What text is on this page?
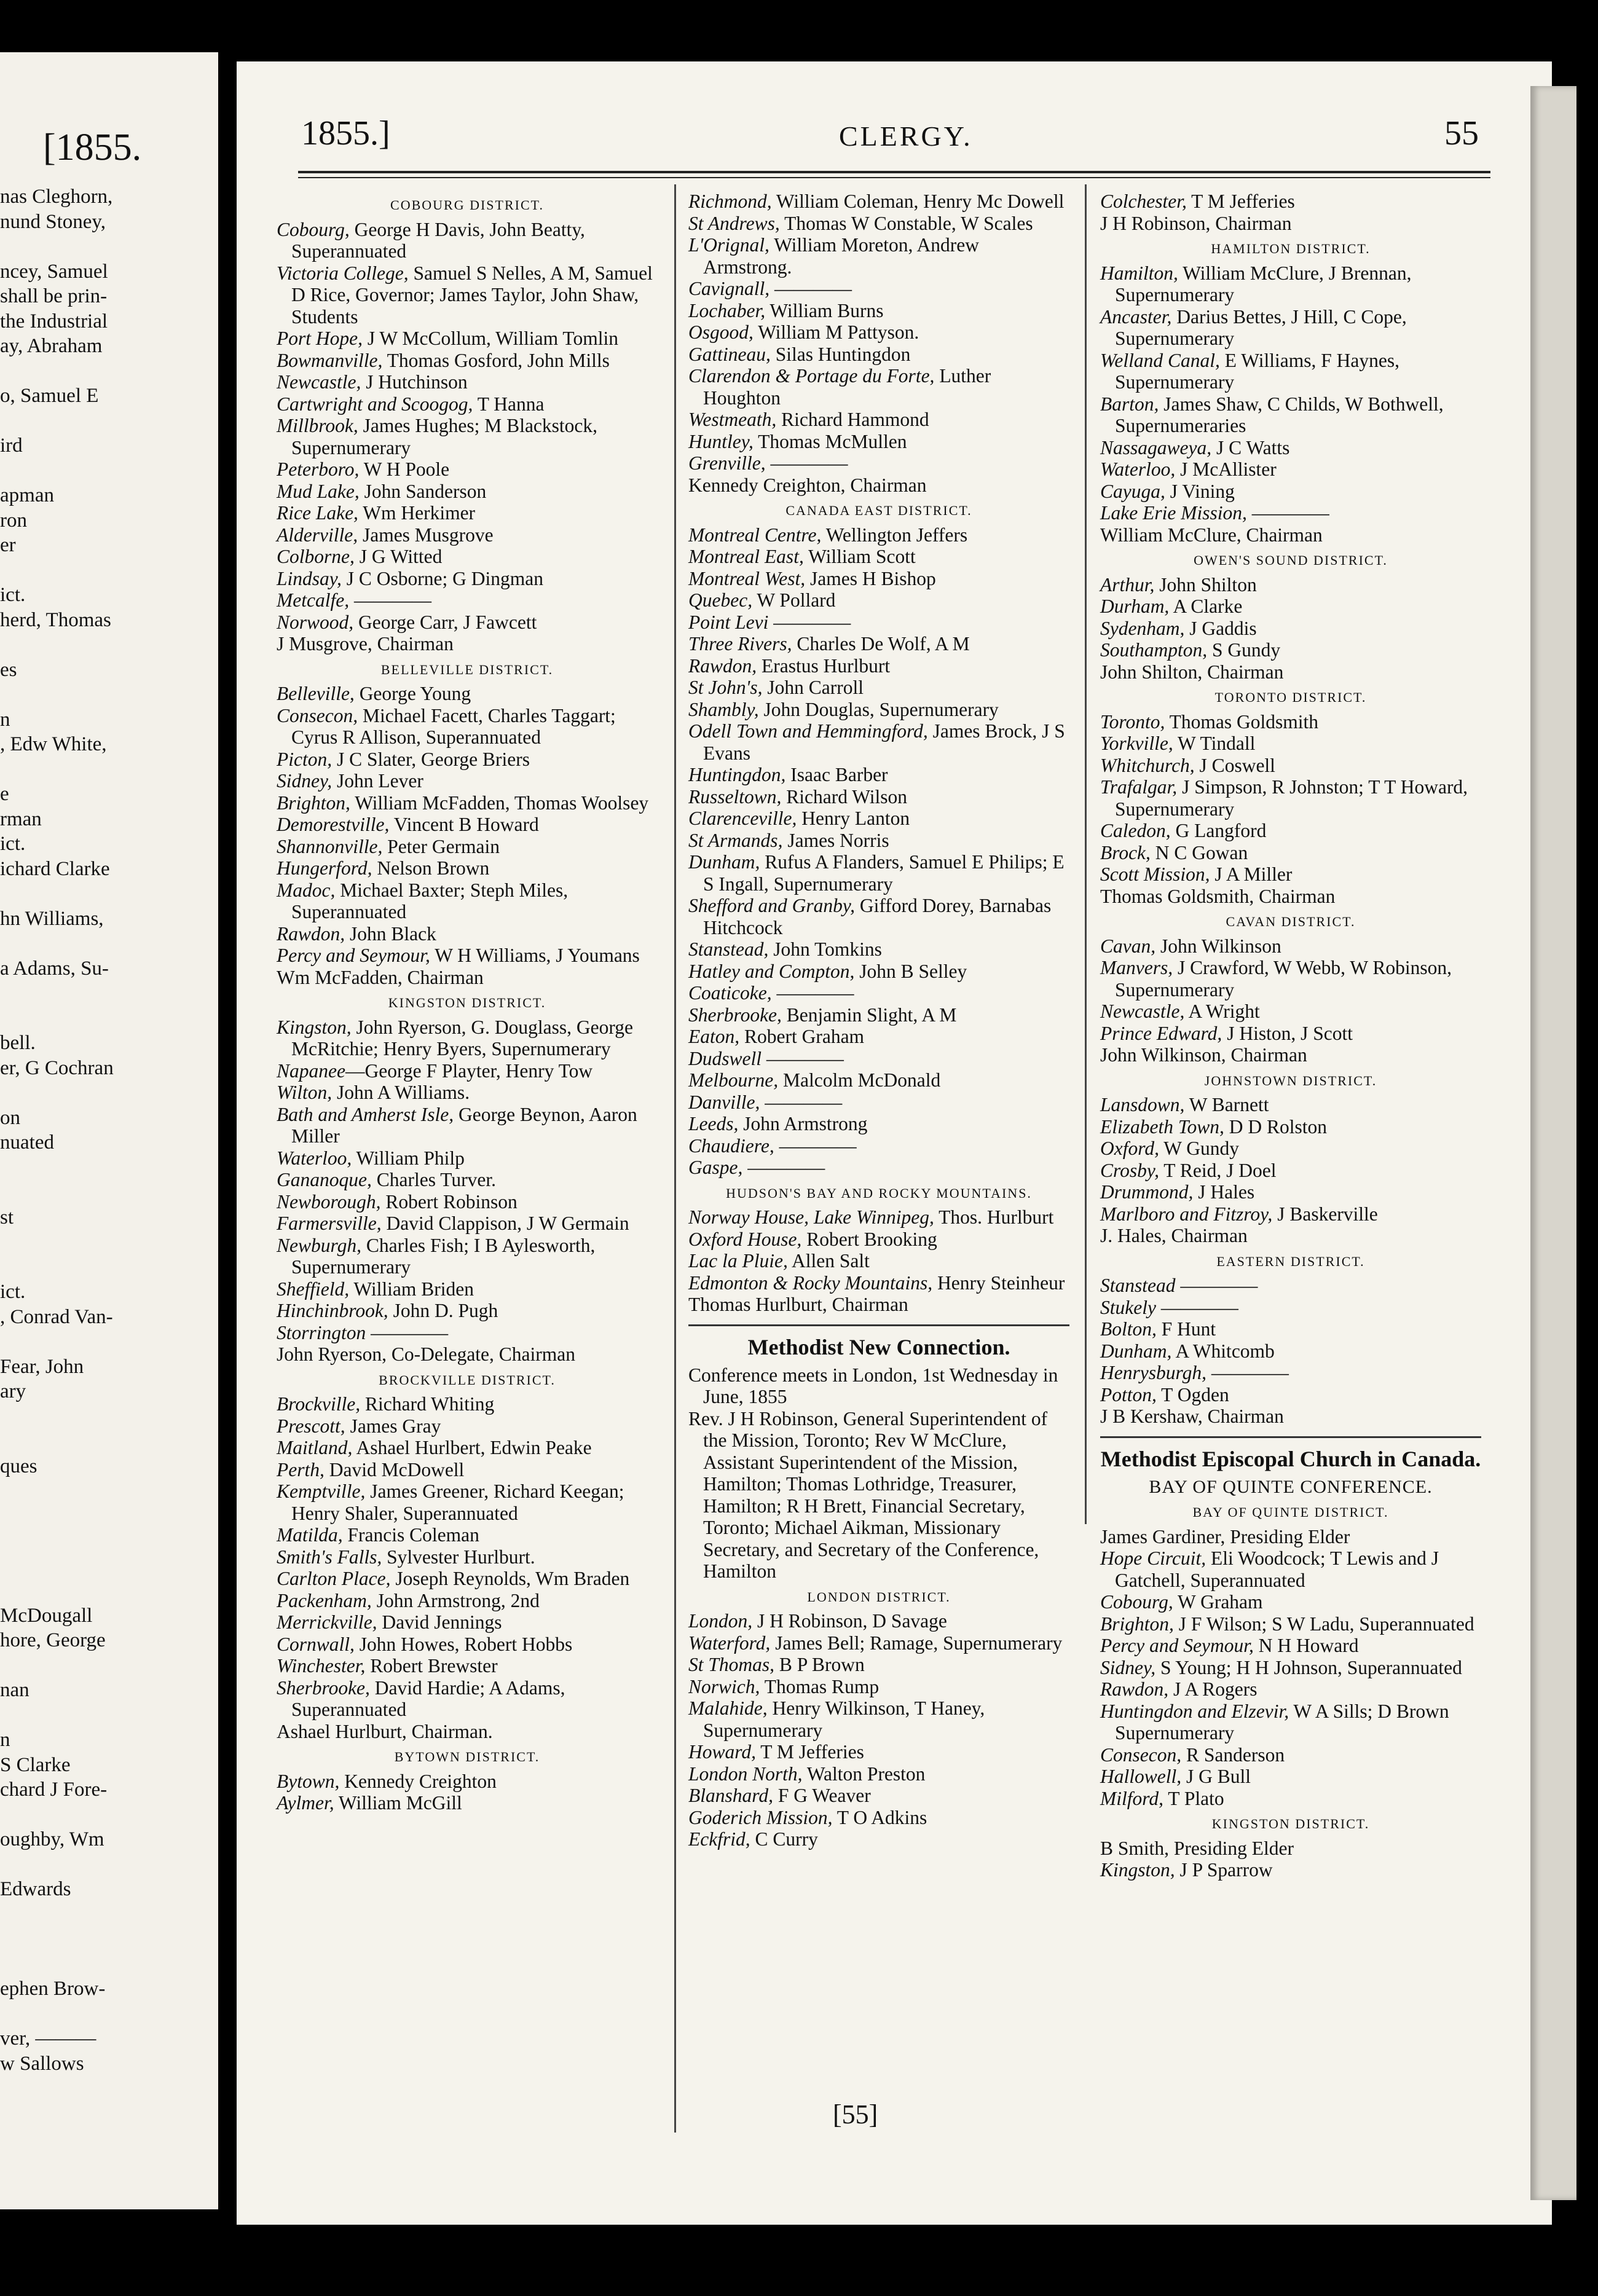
[1855.
nas Cleghorn,
nund Stoney,
ncey, Samuel
shall be prin-
the Industrial
ay, Abraham
o, Samuel E
ird
apman
ron
er
ict.
herd, Thomas
es
n
, Edw White,
e
rman
ict.
ichard Clarke
hn Williams,
a Adams, Su-
bell.
er, G Cochran
on
nuated
st
ict.
, Conrad Van-
Fear, John
ary
ques
McDougall
hore, George
nan
n
S Clarke
chard J Fore-
oughby, Wm
Edwards
ephen Brow-
ver, ———
w Sallows
1855.]	CLERGY.	55
COBOURG DISTRICT.

Cobourg, George H Davis, John Beatty, Superannuated

Victoria College, Samuel S Nelles, A M, Samuel D Rice, Governor; James Taylor, John Shaw, Students

Port Hope, J W McCollum, William Tomlin

Bowmanville, Thomas Gosford, John Mills

Newcastle, J Hutchinson

Cartwright and Scoogog, T Hanna

Millbrook, James Hughes; M Blackstock, Supernumerary

Peterboro, W H Poole

Mud Lake, John Sanderson

Rice Lake, Wm Herkimer

Alderville, James Musgrove

Colborne, J G Witted

Lindsay, J C Osborne; G Dingman

Metcalfe, ————

Norwood, George Carr, J Fawcett

J Musgrove, Chairman

BELLEVILLE DISTRICT.

Belleville, George Young

Consecon, Michael Facett, Charles Taggart; Cyrus R Allison, Superannuated

Picton, J C Slater, George Briers

Sidney, John Lever

Brighton, William McFadden, Thomas Woolsey

Demorestville, Vincent B Howard

Shannonville, Peter Germain

Hungerford, Nelson Brown

Madoc, Michael Baxter; Steph Miles, Superannuated

Rawdon, John Black

Percy and Seymour, W H Williams, J Youmans

Wm McFadden, Chairman

KINGSTON DISTRICT.

Kingston, John Ryerson, G. Douglass, George McRitchie; Henry Byers, Supernumerary

Napanee—George F Playter, Henry Tow

Wilton, John A Williams.

Bath and Amherst Isle, George Beynon, Aaron Miller

Waterloo, William Philp

Gananoque, Charles Turver.

Newborough, Robert Robinson

Farmersville, David Clappison, J W Germain

Newburgh, Charles Fish; I B Aylesworth, Supernumerary

Sheffield, William Briden

Hinchinbrook, John D. Pugh

Storrington ————

John Ryerson, Co-Delegate, Chairman

BROCKVILLE DISTRICT.

Brockville, Richard Whiting

Prescott, James Gray

Maitland, Ashael Hurlbert, Edwin Peake

Perth, David McDowell

Kemptville, James Greener, Richard Keegan; Henry Shaler, Superannuated

Matilda, Francis Coleman

Smith's Falls, Sylvester Hurlburt.

Carlton Place, Joseph Reynolds, Wm Braden

Packenham, John Armstrong, 2nd

Merrickville, David Jennings

Cornwall, John Howes, Robert Hobbs

Winchester, Robert Brewster

Sherbrooke, David Hardie; A Adams, Superannuated

Ashael Hurlburt, Chairman.

BYTOWN DISTRICT.

Bytown, Kennedy Creighton

Aylmer, William McGill

Richmond, William Coleman, Henry Mc Dowell

St Andrews, Thomas W Constable, W Scales

L'Orignal, William Moreton, Andrew Armstrong.

Cavignall, ————

Lochaber, William Burns

Osgood, William M Pattyson.

Gattineau, Silas Huntingdon

Clarendon & Portage du Forte, Luther Houghton

Westmeath, Richard Hammond

Huntley, Thomas McMullen

Grenville, ————

Kennedy Creighton, Chairman

CANADA EAST DISTRICT.

Montreal Centre, Wellington Jeffers

Montreal East, William Scott

Montreal West, James H Bishop

Quebec, W Pollard

Point Levi ————

Three Rivers, Charles De Wolf, A M

Rawdon, Erastus Hurlburt

St John's, John Carroll

Shambly, John Douglas, Supernumerary

Odell Town and Hemmingford, James Brock, J S Evans

Huntingdon, Isaac Barber

Russeltown, Richard Wilson

Clarenceville, Henry Lanton

St Armands, James Norris

Dunham, Rufus A Flanders, Samuel E Philips; E S Ingall, Supernumerary

Shefford and Granby, Gifford Dorey, Barnabas Hitchcock

Stanstead, John Tomkins

Hatley and Compton, John B Selley

Coaticoke, ————

Sherbrooke, Benjamin Slight, A M

Eaton, Robert Graham

Dudswell ————

Melbourne, Malcolm McDonald

Danville, ————

Leeds, John Armstrong

Chaudiere, ————

Gaspe, ————

HUDSON'S BAY AND ROCKY MOUNTAINS.

Norway House, Lake Winnipeg, Thos. Hurlburt

Oxford House, Robert Brooking

Lac la Pluie, Allen Salt

Edmonton & Rocky Mountains, Henry Steinheur

Thomas Hurlburt, Chairman

Methodist New Connection.

Conference meets in London, 1st Wednesday in June, 1855

Rev. J H Robinson, General Superintendent of the Mission, Toronto; Rev W McClure, Assistant Superintendent of the Mission, Hamilton; Thomas Lothridge, Treasurer, Hamilton; R H Brett, Financial Secretary, Toronto; Michael Aikman, Missionary Secretary, and Secretary of the Conference, Hamilton

LONDON DISTRICT.

London, J H Robinson, D Savage

Waterford, James Bell; Ramage, Supernumerary

St Thomas, B P Brown

Norwich, Thomas Rump

Malahide, Henry Wilkinson, T Haney, Supernumerary

Howard, T M Jefferies

London North, Walton Preston

Blanshard, F G Weaver

Goderich Mission, T O Adkins

Eckfrid, C Curry

Colchester, T M Jefferies

J H Robinson, Chairman

HAMILTON DISTRICT.

Hamilton, William McClure, J Brennan, Supernumerary

Ancaster, Darius Bettes, J Hill, C Cope, Supernumerary

Welland Canal, E Williams, F Haynes, Supernumerary

Barton, James Shaw, C Childs, W Bothwell, Supernumeraries

Nassagaweya, J C Watts

Waterloo, J McAllister

Cayuga, J Vining

Lake Erie Mission, ————

William McClure, Chairman

OWEN'S SOUND DISTRICT.

Arthur, John Shilton

Durham, A Clarke

Sydenham, J Gaddis

Southampton, S Gundy

John Shilton, Chairman

TORONTO DISTRICT.

Toronto, Thomas Goldsmith

Yorkville, W Tindall

Whitchurch, J Coswell

Trafalgar, J Simpson, R Johnston; T T Howard, Supernumerary

Caledon, G Langford

Brock, N C Gowan

Scott Mission, J A Miller

Thomas Goldsmith, Chairman

CAVAN DISTRICT.

Cavan, John Wilkinson

Manvers, J Crawford, W Webb, W Robinson, Supernumerary

Newcastle, A Wright

Prince Edward, J Histon, J Scott

John Wilkinson, Chairman

JOHNSTOWN DISTRICT.

Lansdown, W Barnett

Elizabeth Town, D D Rolston

Oxford, W Gundy

Crosby, T Reid, J Doel

Drummond, J Hales

Marlboro and Fitzroy, J Baskerville

J. Hales, Chairman

EASTERN DISTRICT.

Stanstead ————

Stukely ————

Bolton, F Hunt

Dunham, A Whitcomb

Henrysburgh, ————

Potton, T Ogden

J B Kershaw, Chairman

Methodist Episcopal Church in Canada.

BAY OF QUINTE CONFERENCE.

BAY OF QUINTE DISTRICT.

James Gardiner, Presiding Elder

Hope Circuit, Eli Woodcock; T Lewis and J Gatchell, Superannuated

Cobourg, W Graham

Brighton, J F Wilson; S W Ladu, Superannuated

Percy and Seymour, N H Howard

Sidney, S Young; H H Johnson, Superannuated

Rawdon, J A Rogers

Huntingdon and Elzevir, W A Sills; D Brown Supernumerary

Consecon, R Sanderson

Hallowell, J G Bull

Milford, T Plato

KINGSTON DISTRICT.

B Smith, Presiding Elder

Kingston, J P Sparrow

[55]
